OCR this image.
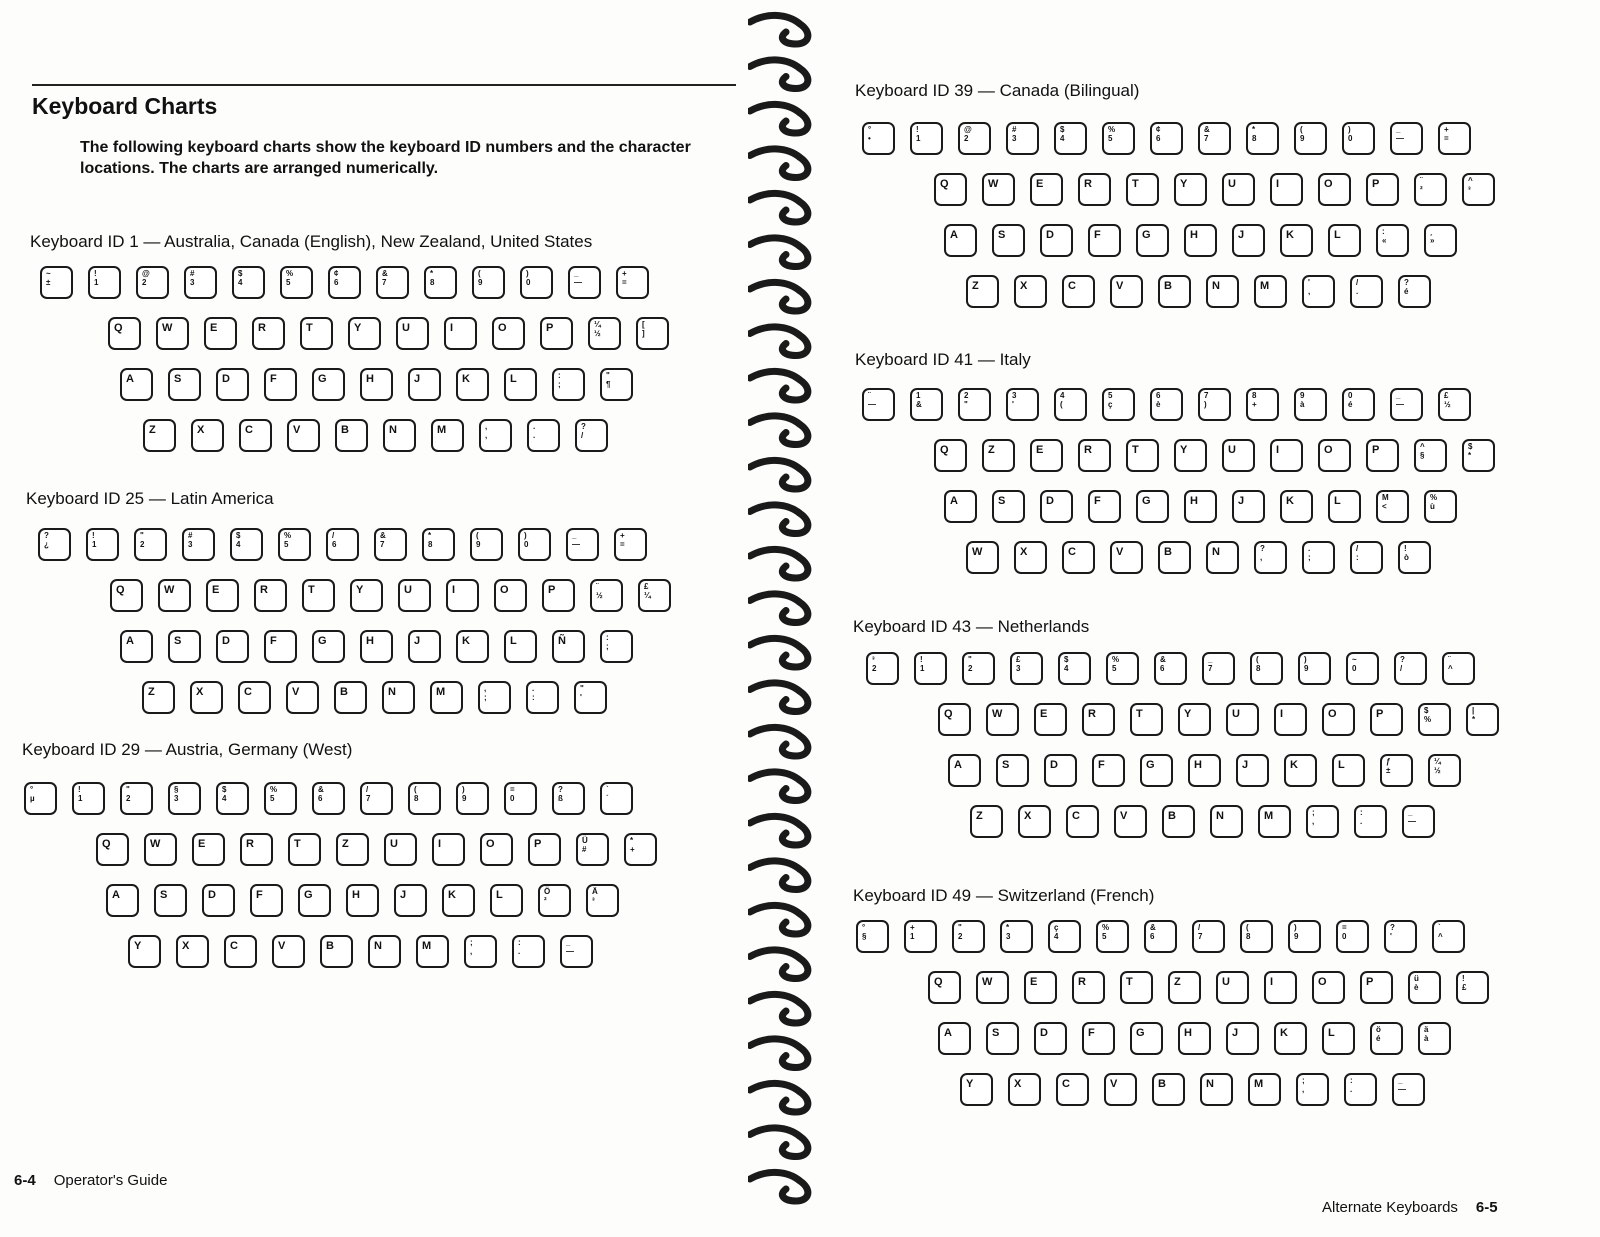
Keyboard Charts
The following keyboard charts show the keyboard ID numbers and the character locations. The charts are arranged numerically.
Keyboard ID 1 — Australia, Canada (English), New Zealand, United States
~
±
!
1
@
2
#
3
$
4
%
5
¢
6
&
7
*
8
(
9
)
0
_
—
+
=
Q	W	E	R	T	Y	U	I	O	P	¼
½
[
]
A	S	D	F	G	H	J	K	L	:
;
"
¶
Z	X	C	V	B	N	M	,
,
.
.
?
/
Keyboard ID 25 — Latin America
?
¿
!
1
"
2
#
3
$
4
%
5
/
6
&
7
*
8
(
9
)
0
_
—
+
=
Q	W	E	R	T	Y	U	I	O	P	¨
½
£
¼
A	S	D	F	G	H	J	K	L	Ñ	:
;
Z	X	C	V	B	N	M	,
;
.
:
"
'
Keyboard ID 29 — Austria, Germany (West)
°
µ
!
1
"
2
§
3
$
4
%
5
&
6
/
7
(
8
)
9
=
0
?
ß
`
´
Q	W	E	R	T	Z	U	I	O	P	Ü
#
*
+
A	S	D	F	G	H	J	K	L	Ö
²
Ä
³
Y	X	C	V	B	N	M	;
,
:
.
_
—
Keyboard ID 39 — Canada (Bilingual)
°
•
!
1
@
2
#
3
$
4
%
5
¢
6
&
7
*
8
(
9
)
0
_
—
+
=
Q	W	E	R	T	Y	U	I	O	P	¨
²
^
³
A	S	D	F	G	H	J	K	L	:
«
¸
»
Z	X	C	V	B	N	M	'
,
/
.
?
é
Keyboard ID 41 — Italy
¨
—
1
&
2
"
3
'
4
(
5
ç
6
è
7
)
8
+
9
à
0
é
_
—
£
½
Q	Z	E	R	T	Y	U	I	O	P	^
§
$
*
A	S	D	F	G	H	J	K	L	M
<
%
ù
W	X	C	V	B	N	?
,
.
;
/
:
!
ò
Keyboard ID 43 — Netherlands
³
2
!
1
"
2
£
3
$
4
%
5
&
6
_
7
(
8
)
9
~
0
?
/
¨
^
Q	W	E	R	T	Y	U	I	O	P	$
%
|
*
A	S	D	F	G	H	J	K	L	ƒ
±
¼
½
Z	X	C	V	B	N	M	;
,
:
.
_
—
Keyboard ID 49 — Switzerland (French)
°
§
+
1
"
2
*
3
ç
4
%
5
&
6
/
7
(
8
)
9
=
0
?
'
`
^
Q	W	E	R	T	Z	U	I	O	P	ü
è
!
£
A	S	D	F	G	H	J	K	L	ö
é
ä
à
Y	X	C	V	B	N	M	;
,
:
.
_
—
6-4 Operator's Guide
Alternate Keyboards 6-5
